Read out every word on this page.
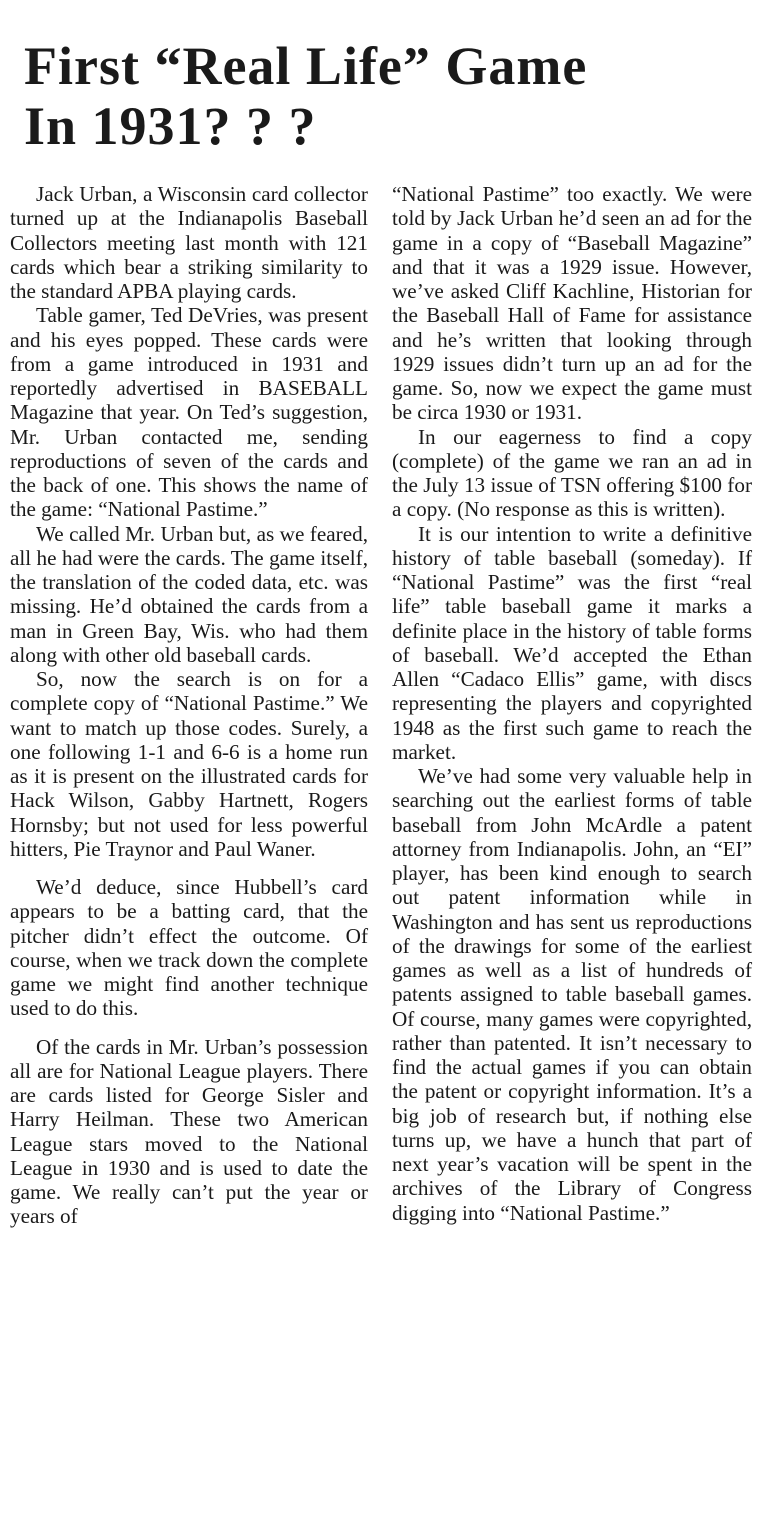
First “Real Life” Game
In 1931? ? ?

Jack Urban, a Wisconsin card collector turned up at the Indianapolis Baseball Collectors meeting last month with 121 cards which bear a striking similarity to the standard APBA playing cards.

Table gamer, Ted DeVries, was present and his eyes popped. These cards were from a game introduced in 1931 and reportedly advertised in BASEBALL Magazine that year. On Ted’s suggestion, Mr. Urban contacted me, sending reproductions of seven of the cards and the back of one. This shows the name of the game: “National Pastime.”

We called Mr. Urban but, as we feared, all he had were the cards. The game itself, the translation of the coded data, etc. was missing. He’d obtained the cards from a man in Green Bay, Wis. who had them along with other old baseball cards.

So, now the search is on for a complete copy of “National Pastime.” We want to match up those codes. Surely, a one following 1-1 and 6-6 is a home run as it is present on the illustrated cards for Hack Wilson, Gabby Hartnett, Rogers Hornsby; but not used for less powerful hitters, Pie Traynor and Paul Waner.

We’d deduce, since Hubbell’s card appears to be a batting card, that the pitcher didn’t effect the outcome. Of course, when we track down the complete game we might find another technique used to do this.

Of the cards in Mr. Urban’s possession all are for National League players. There are cards listed for George Sisler and Harry Heilman. These two American League stars moved to the National League in 1930 and is used to date the game. We really can’t put the year or years of

“National Pastime” too exactly. We were told by Jack Urban he’d seen an ad for the game in a copy of “Baseball Magazine” and that it was a 1929 issue. However, we’ve asked Cliff Kachline, Historian for the Baseball Hall of Fame for assistance and he’s written that looking through 1929 issues didn’t turn up an ad for the game. So, now we expect the game must be circa 1930 or 1931.

In our eagerness to find a copy (complete) of the game we ran an ad in the July 13 issue of TSN offering $100 for a copy. (No response as this is written).

It is our intention to write a definitive history of table baseball (someday). If “National Pastime” was the first “real life” table baseball game it marks a definite place in the history of table forms of baseball. We’d accepted the Ethan Allen “Cadaco Ellis” game, with discs representing the players and copyrighted 1948 as the first such game to reach the market.

We’ve had some very valuable help in searching out the earliest forms of table baseball from John McArdle a patent attorney from Indianapolis. John, an “EI” player, has been kind enough to search out patent information while in Washington and has sent us reproductions of the drawings for some of the earliest games as well as a list of hundreds of patents assigned to table baseball games. Of course, many games were copyrighted, rather than patented. It isn’t necessary to find the actual games if you can obtain the patent or copyright information. It’s a big job of research but, if nothing else turns up, we have a hunch that part of next year’s vacation will be spent in the archives of the Library of Congress digging into “National Pastime.”
